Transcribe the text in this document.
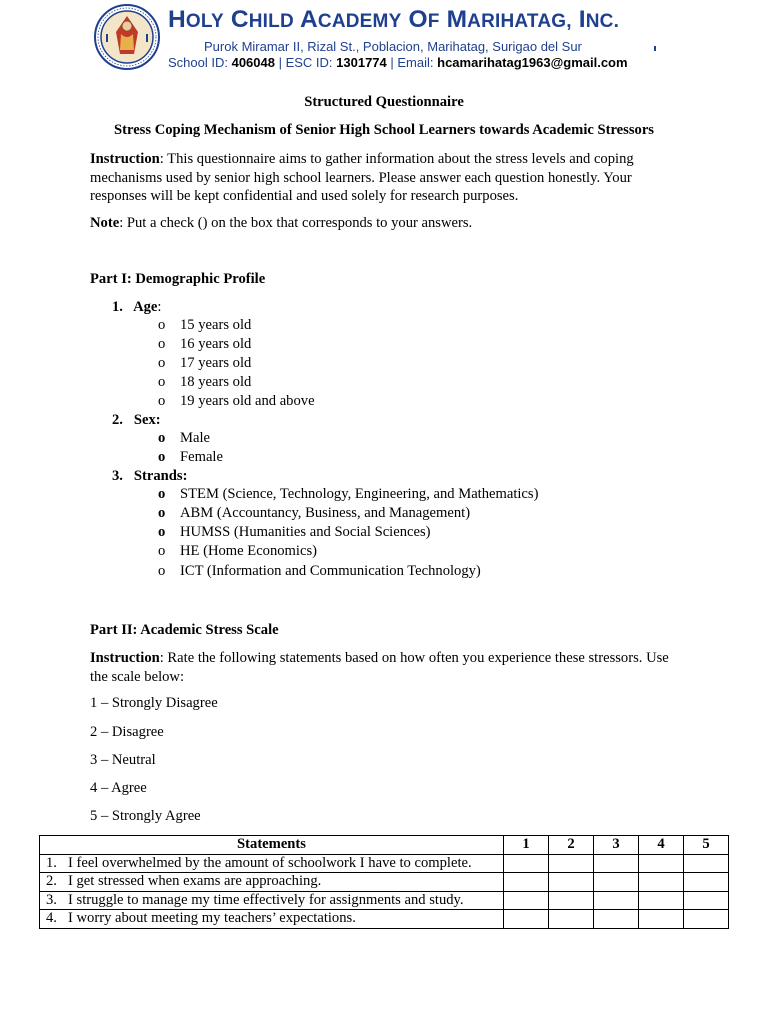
HOLY CHILD ACADEMY OF MARIHATAG, INC.
Purok Miramar II, Rizal St., Poblacion, Marihatag, Surigao del Sur
School ID: 406048 | ESC ID: 1301774 | Email: hcamarihatag1963@gmail.com
Structured Questionnaire
Stress Coping Mechanism of Senior High School Learners towards Academic Stressors

Instruction: This questionnaire aims to gather information about the stress levels and coping mechanisms used by senior high school learners. Please answer each question honestly. Your responses will be kept confidential and used solely for research purposes.

Note: Put a check () on the box that corresponds to your answers.

Part I: Demographic Profile
1. Age:
o 15 years old
o 16 years old
o 17 years old
o 18 years old
o 19 years old and above
2. Sex:
o Male
o Female
3. Strands:
o STEM (Science, Technology, Engineering, and Mathematics)
o ABM (Accountancy, Business, and Management)
o HUMSS (Humanities and Social Sciences)
o HE (Home Economics)
o ICT (Information and Communication Technology)
Part II: Academic Stress Scale

Instruction: Rate the following statements based on how often you experience these stressors. Use the scale below:

1 – Strongly Disagree
2 – Disagree
3 – Neutral
4 – Agree
5 – Strongly Agree
Statements	1	2	3	4	5
1. I feel overwhelmed by the amount of schoolwork I have to complete.					
2. I get stressed when exams are approaching.					
3. I struggle to manage my time effectively for assignments and study.					
4. I worry about meeting my teachers’ expectations.					
